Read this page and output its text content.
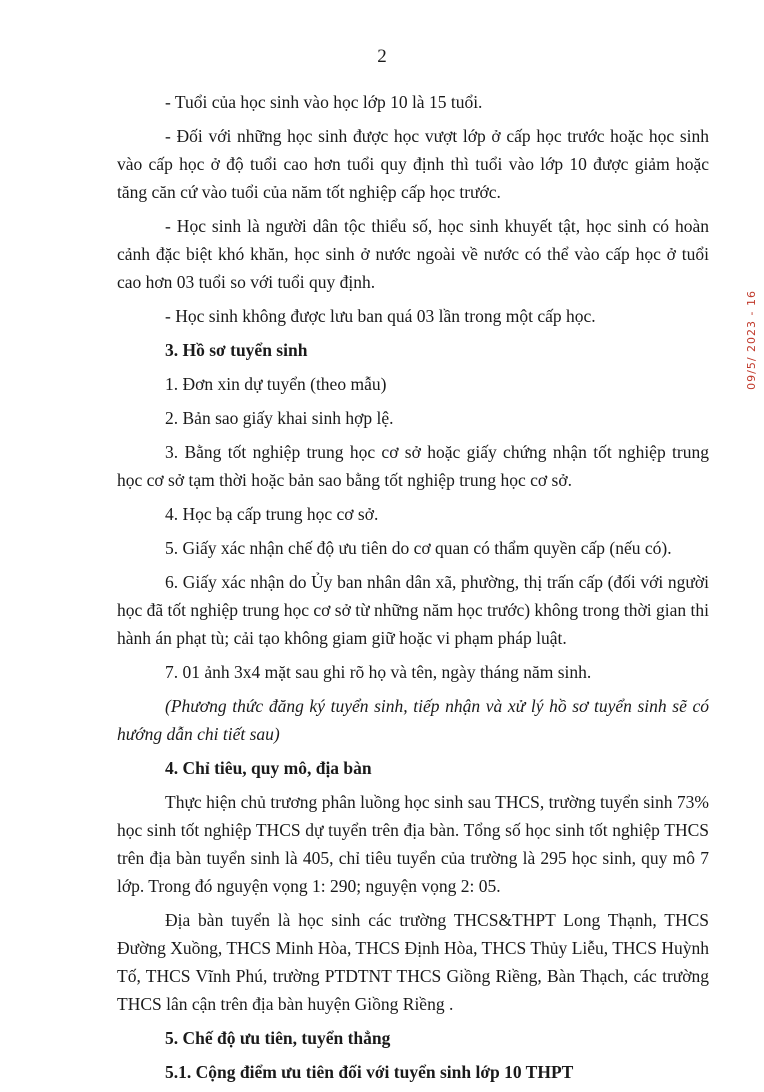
2

- Tuổi của học sinh vào học lớp 10 là 15 tuổi.

- Đối với những học sinh được học vượt lớp ở cấp học trước hoặc học sinh vào cấp học ở độ tuổi cao hơn tuổi quy định thì tuổi vào lớp 10 được giảm hoặc tăng căn cứ vào tuổi của năm tốt nghiệp cấp học trước.

- Học sinh là người dân tộc thiểu số, học sinh khuyết tật, học sinh có hoàn cảnh đặc biệt khó khăn, học sinh ở nước ngoài về nước có thể vào cấp học ở tuổi cao hơn 03 tuổi so với tuổi quy định.

- Học sinh không được lưu ban quá 03 lần trong một cấp học.

3. Hồ sơ tuyển sinh

1. Đơn xin dự tuyển (theo mẫu)

2. Bản sao giấy khai sinh hợp lệ.

3. Bằng tốt nghiệp trung học cơ sở hoặc giấy chứng nhận tốt nghiệp trung học cơ sở tạm thời hoặc bản sao bằng tốt nghiệp trung học cơ sở.

4. Học bạ cấp trung học cơ sở.

5. Giấy xác nhận chế độ ưu tiên do cơ quan có thẩm quyền cấp (nếu có).

6. Giấy xác nhận do Ủy ban nhân dân xã, phường, thị trấn cấp (đối với người học đã tốt nghiệp trung học cơ sở từ những năm học trước) không trong thời gian thi hành án phạt tù; cải tạo không giam giữ hoặc vi phạm pháp luật.

7. 01 ảnh 3x4 mặt sau ghi rõ họ và tên, ngày tháng năm sinh.

(Phương thức đăng ký tuyển sinh, tiếp nhận và xử lý hồ sơ tuyển sinh sẽ có hướng dẫn chi tiết sau)

4. Chỉ tiêu, quy mô, địa bàn

Thực hiện chủ trương phân luồng học sinh sau THCS, trường tuyển sinh 73% học sinh tốt nghiệp THCS dự tuyển trên địa bàn. Tổng số học sinh tốt nghiệp THCS trên địa bàn tuyển sinh là 405, chỉ tiêu tuyển của trường là 295 học sinh, quy mô 7 lớp. Trong đó nguyện vọng 1: 290; nguyện vọng 2: 05.

Địa bàn tuyển là học sinh các trường THCS&THPT Long Thạnh, THCS Đường Xuồng, THCS Minh Hòa, THCS Định Hòa, THCS Thủy Liễu, THCS Huỳnh Tố, THCS Vĩnh Phú, trường PTDTNT THCS Giồng Riềng, Bàn Thạch, các trường THCS lân cận trên địa bàn huyện Giồng Riềng .

5. Chế độ ưu tiên, tuyển thẳng

5.1. Cộng điểm ưu tiên đối với tuyển sinh lớp 10 THPT

09/5/ 2023 - 16
